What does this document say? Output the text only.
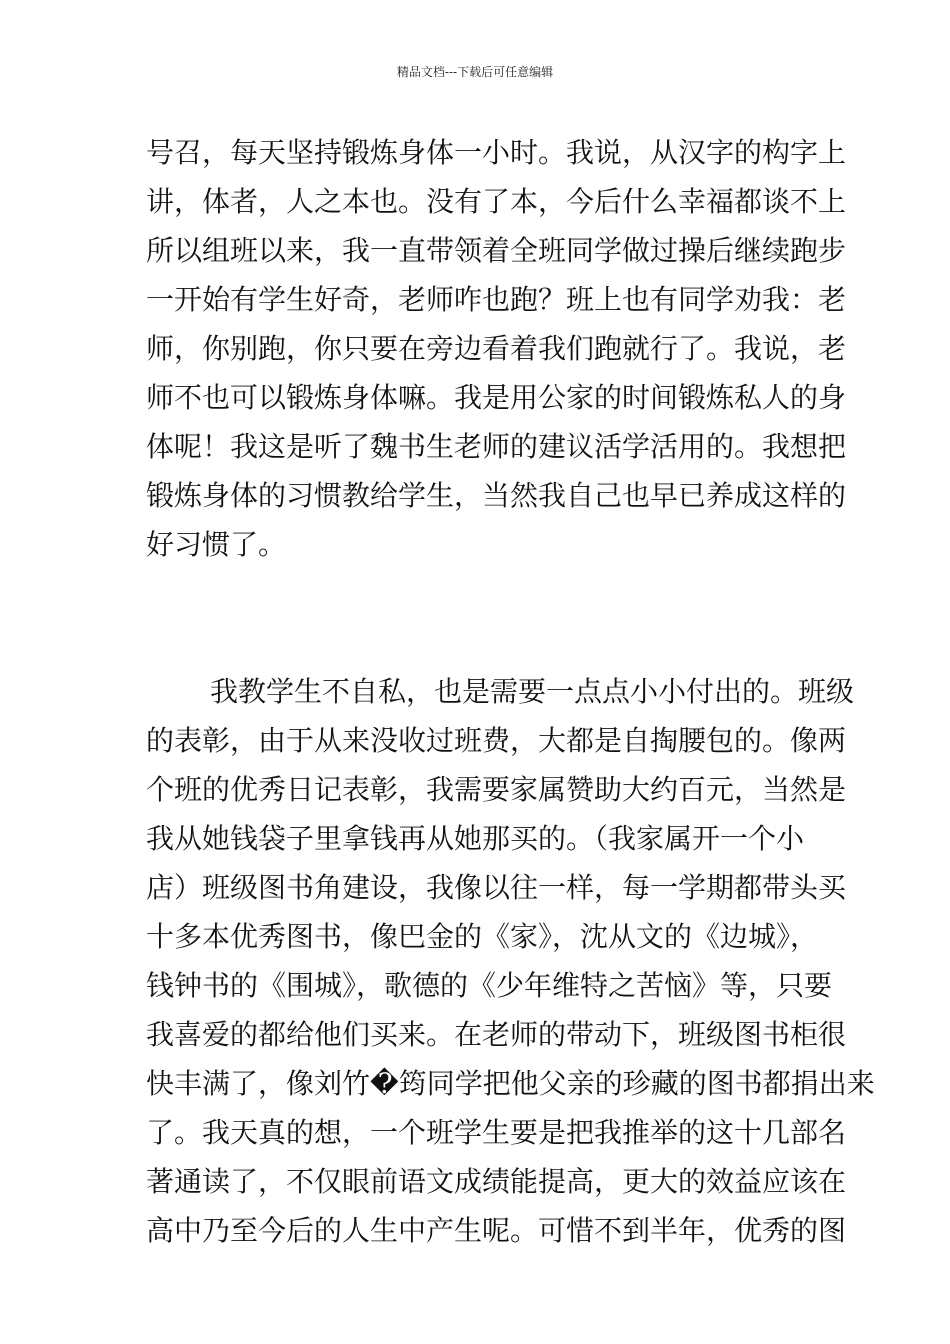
精品文档---下载后可任意编辑
号召，每天坚持锻炼身体一小时。我说，从汉字的构字上
讲，体者，人之本也。没有了本，今后什么幸福都谈不上
所以组班以来，我一直带领着全班同学做过操后继续跑步
一开始有学生好奇，老师咋也跑？班上也有同学劝我：老
师，你别跑，你只要在旁边看着我们跑就行了。我说，老
师不也可以锻炼身体嘛。我是用公家的时间锻炼私人的身
体呢！我这是听了魏书生老师的建议活学活用的。我想把
锻炼身体的习惯教给学生，当然我自己也早已养成这样的
好习惯了。
我教学生不自私，也是需要一点点小小付出的。班级
的表彰，由于从来没收过班费，大都是自掏腰包的。像两
个班的优秀日记表彰，我需要家属赞助大约百元，当然是
我从她钱袋子里拿钱再从她那买的。（我家属开一个小
店）班级图书角建设，我像以往一样，每一学期都带头买
十多本优秀图书，像巴金的《家》，沈从文的《边城》，
钱钟书的《围城》，歌德的《少年维特之苦恼》等，只要
我喜爱的都给他们买来。在老师的带动下，班级图书柜很
快丰满了，像刘竹�筠同学把他父亲的珍藏的图书都捐出来
了。我天真的想，一个班学生要是把我推举的这十几部名
著通读了，不仅眼前语文成绩能提高，更大的效益应该在
高中乃至今后的人生中产生呢。可惜不到半年，优秀的图
